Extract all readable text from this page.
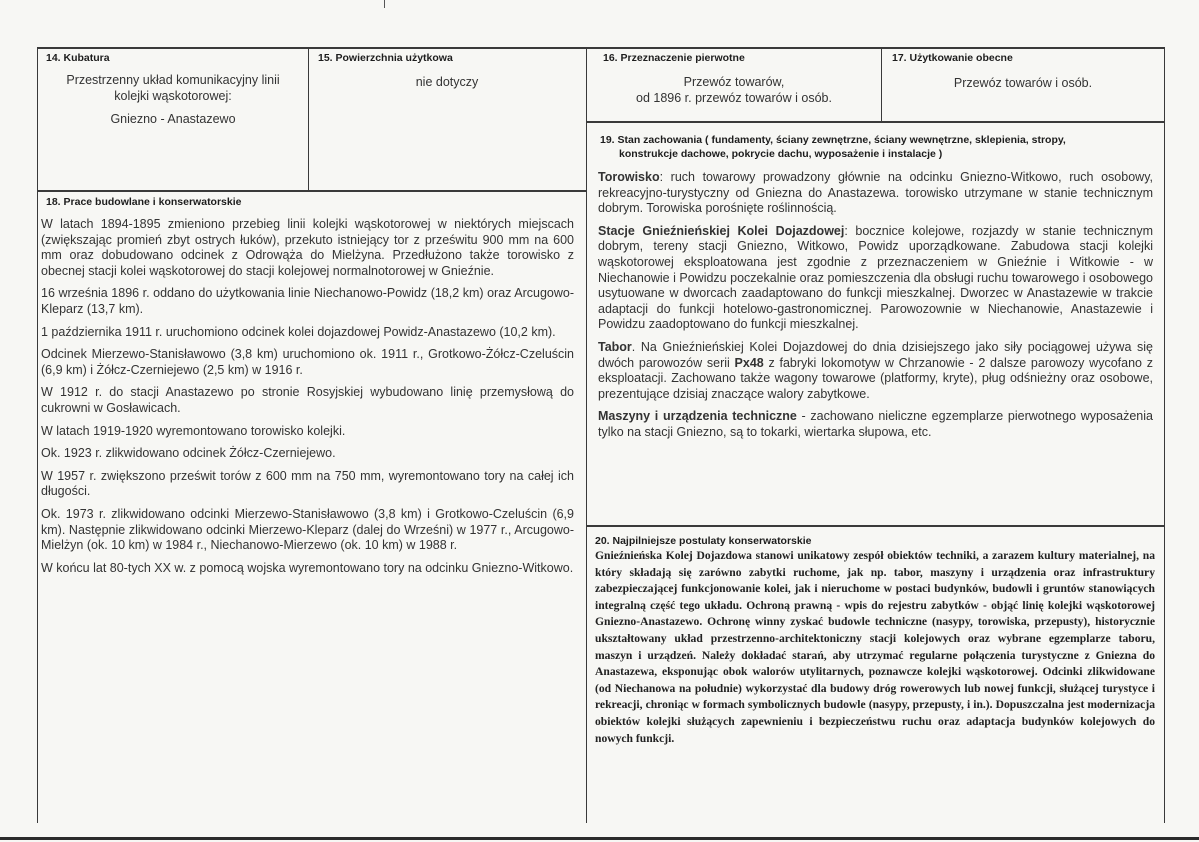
14. Kubatura
Przestrzenny układ komunikacyjny linii
kolejki wąskotorowej:
Gniezno - Anastazewo
15. Powierzchnia użytkowa
nie dotyczy
16. Przeznaczenie pierwotne
Przewóz towarów,
od 1896 r. przewóz towarów i osób.
17. Użytkowanie obecne
Przewóz towarów i osób.
18. Prace budowlane i konserwatorskie

W latach 1894-1895 zmieniono przebieg linii kolejki wąskotorowej w niektórych miejscach (zwiększając promień zbyt ostrych łuków), przekuto istniejący tor z prześwitu 900 mm na 600 mm oraz dobudowano odcinek z Odrowąża do Mielżyna. Przedłużono także torowisko z obecnej stacji kolei wąskotorowej do stacji kolejowej normalnotorowej w Gnieźnie.

16 września 1896 r. oddano do użytkowania linie Niechanowo-Powidz (18,2 km) oraz Arcugowo-Kleparz (13,7 km).

1 października 1911 r. uruchomiono odcinek kolei dojazdowej Powidz-Anastazewo (10,2 km).

Odcinek Mierzewo-Stanisławowo (3,8 km) uruchomiono ok. 1911 r., Grotkowo-Żółcz-Czeluścin (6,9 km) i Żółcz-Czerniejewo (2,5 km) w 1916 r.

W 1912 r. do stacji Anastazewo po stronie Rosyjskiej wybudowano linię przemysłową do cukrowni w Gosławicach.

W latach 1919-1920 wyremontowano torowisko kolejki.

Ok. 1923 r. zlikwidowano odcinek Żółcz-Czerniejewo.

W 1957 r. zwiększono prześwit torów z 600 mm na 750 mm, wyremontowano tory na całej ich długości.

Ok. 1973 r. zlikwidowano odcinki Mierzewo-Stanisławowo (3,8 km) i Grotkowo-Czeluścin (6,9 km). Następnie zlikwidowano odcinki Mierzewo-Kleparz (dalej do Wrześni) w 1977 r., Arcugowo-Mielżyn (ok. 10 km) w 1984 r., Niechanowo-Mierzewo (ok. 10 km) w 1988 r.

W końcu lat 80-tych XX w. z pomocą wojska wyremontowano tory na odcinku Gniezno-Witkowo.

19. Stan zachowania ( fundamenty, ściany zewnętrzne, ściany wewnętrzne, sklepienia, stropy,
konstrukcje dachowe, pokrycie dachu, wyposażenie i instalacje )

Torowisko: ruch towarowy prowadzony głównie na odcinku Gniezno-Witkowo, ruch osobowy, rekreacyjno-turystyczny od Gniezna do Anastazewa. torowisko utrzymane w stanie technicznym dobrym. Torowiska porośnięte roślinnością.

Stacje Gnieźnieńskiej Kolei Dojazdowej: bocznice kolejowe, rozjazdy w stanie technicznym dobrym, tereny stacji Gniezno, Witkowo, Powidz uporządkowane. Zabudowa stacji kolejki wąskotorowej eksploatowana jest zgodnie z przeznaczeniem w Gnieźnie i Witkowie - w Niechanowie i Powidzu poczekalnie oraz pomieszczenia dla obsługi ruchu towarowego i osobowego usytuowane w dworcach zaadaptowano do funkcji mieszkalnej. Dworzec w Anastazewie w trakcie adaptacji do funkcji hotelowo-gastronomicznej. Parowozownie w Niechanowie, Anastazewie i Powidzu zaadoptowano do funkcji mieszkalnej.

Tabor. Na Gnieźnieńskiej Kolei Dojazdowej do dnia dzisiejszego jako siły pociągowej używa się dwóch parowozów serii Px48 z fabryki lokomotyw w Chrzanowie - 2 dalsze parowozy wycofano z eksploatacji. Zachowano także wagony towarowe (platformy, kryte), pług odśnieżny oraz osobowe, prezentujące dzisiaj znaczące walory zabytkowe.

Maszyny i urządzenia techniczne - zachowano nieliczne egzemplarze pierwotnego wyposażenia tylko na stacji Gniezno, są to tokarki, wiertarka słupowa, etc.

20. Najpilniejsze postulaty konserwatorskie
Gnieźnieńska Kolej Dojazdowa stanowi unikatowy zespół obiektów techniki, a zarazem kultury materialnej, na który składają się zarówno zabytki ruchome, jak np. tabor, maszyny i urządzenia oraz infrastruktury zabezpieczającej funkcjonowanie kolei, jak i nieruchome w postaci budynków, budowli i gruntów stanowiących integralną część tego układu. Ochroną prawną - wpis do rejestru zabytków - objąć linię kolejki wąskotorowej Gniezno-Anastazewo. Ochronę winny zyskać budowle techniczne (nasypy, torowiska, przepusty), historycznie ukształtowany układ przestrzenno-architektoniczny stacji kolejowych oraz wybrane egzemplarze taboru, maszyn i urządzeń. Należy dokładać starań, aby utrzymać regularne połączenia turystyczne z Gniezna do Anastazewa, eksponując obok walorów utylitarnych, poznawcze kolejki wąskotorowej. Odcinki zlikwidowane (od Niechanowa na południe) wykorzystać dla budowy dróg rowerowych lub nowej funkcji, służącej turystyce i rekreacji, chroniąc w formach symbolicznych budowle (nasypy, przepusty, i in.). Dopuszczalna jest modernizacja obiektów kolejki służących zapewnieniu i bezpieczeństwu ruchu oraz adaptacja budynków kolejowych do nowych funkcji.
